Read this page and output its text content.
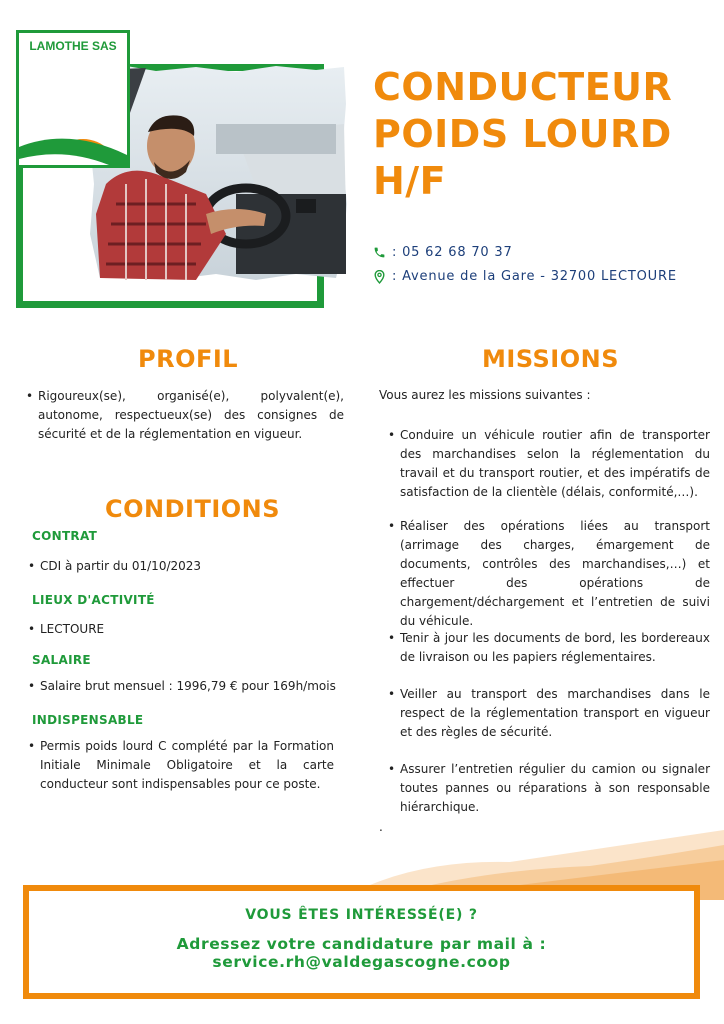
LAMOTHE SAS
CONDUCTEUR
POIDS LOURD
H/F
: 05 62 68 70 37
: Avenue de la Gare - 32700 LECTOURE
PROFIL
• Rigoureux(se), organisé(e), polyvalent(e), autonome, respectueux(se) des consignes de sécurité et de la réglementation en vigueur.
CONDITIONS
CONTRAT
• CDI à partir du 01/10/2023
LIEUX D'ACTIVITÉ
• LECTOURE
SALAIRE
• Salaire brut mensuel : 1996,79 € pour 169h/mois
INDISPENSABLE
• Permis poids lourd C complété par la Formation Initiale Minimale Obligatoire et la carte conducteur sont indispensables pour ce poste.
MISSIONS
Vous aurez les missions suivantes :
• Conduire un véhicule routier afin de transporter des marchandises selon la réglementation du travail et du transport routier, et des impératifs de satisfaction de la clientèle (délais, conformité,…).
• Réaliser des opérations liées au transport (arrimage des charges, émargement de documents, contrôles des marchandises,…) et effectuer des opérations de chargement/déchargement et l’entretien de suivi du véhicule.
• Tenir à jour les documents de bord, les bordereaux de livraison ou les papiers réglementaires.
• Veiller au transport des marchandises dans le respect de la réglementation transport en vigueur et des règles de sécurité.
• Assurer l’entretien régulier du camion ou signaler toutes pannes ou réparations à son responsable hiérarchique.
.
VOUS ÊTES INTÉRESSÉ(E) ?
Adressez votre candidature par mail à : service.rh@valdegascogne.coop
